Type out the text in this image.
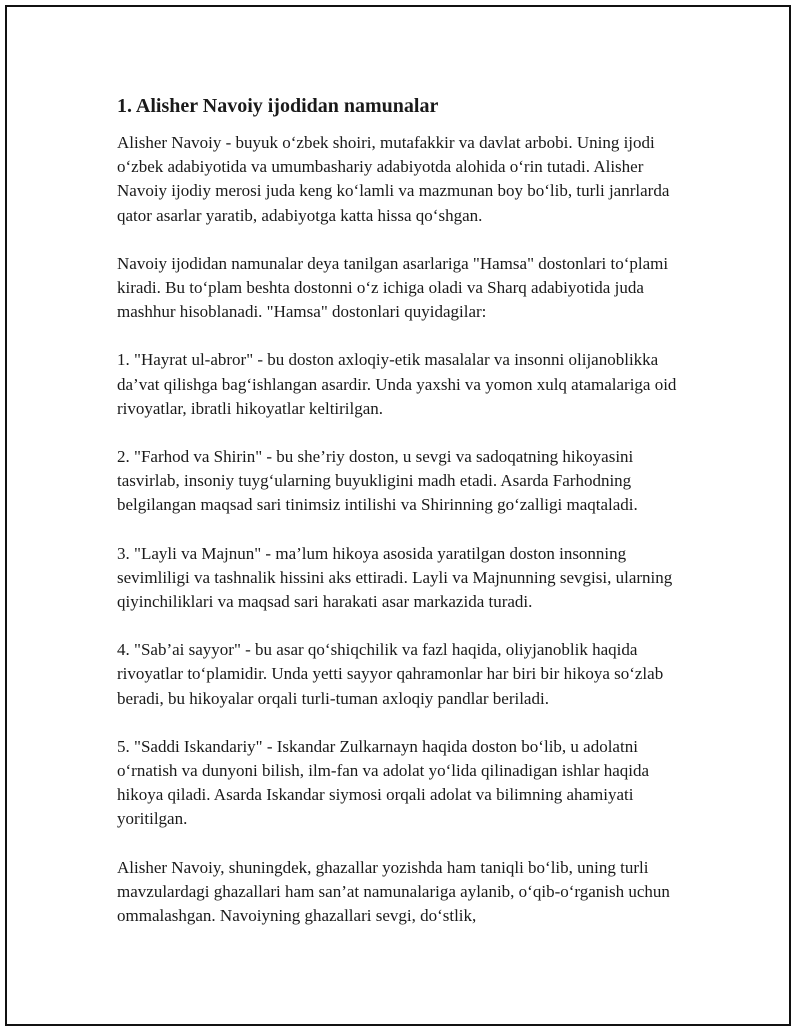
1. Alisher Navoiy ijodidan namunalar

Alisher Navoiy - buyuk o‘zbek shoiri, mutafakkir va davlat arbobi. Uning ijodi o‘zbek adabiyotida va umumbashariy adabiyotda alohida o‘rin tutadi. Alisher Navoiy ijodiy merosi juda keng ko‘lamli va mazmunan boy bo‘lib, turli janrlarda qator asarlar yaratib, adabiyotga katta hissa qo‘shgan.

Navoiy ijodidan namunalar deya tanilgan asarlariga "Hamsa" dostonlari to‘plami kiradi. Bu to‘plam beshta dostonni o‘z ichiga oladi va Sharq adabiyotida juda mashhur hisoblanadi. "Hamsa" dostonlari quyidagilar:

1. "Hayrat ul-abror" - bu doston axloqiy-etik masalalar va insonni olijanoblikka da’vat qilishga bag‘ishlangan asardir. Unda yaxshi va yomon xulq atamalariga oid rivoyatlar, ibratli hikoyatlar keltirilgan.

2. "Farhod va Shirin" - bu she’riy doston, u sevgi va sadoqatning hikoyasini tasvirlab, insoniy tuyg‘ularning buyukligini madh etadi. Asarda Farhodning belgilangan maqsad sari tinimsiz intilishi va Shirinning go‘zalligi maqtaladi.

3. "Layli va Majnun" - ma’lum hikoya asosida yaratilgan doston insonning sevimliligi va tashnalik hissini aks ettiradi. Layli va Majnunning sevgisi, ularning qiyinchiliklari va maqsad sari harakati asar markazida turadi.

4. "Sab’ai sayyor" - bu asar qo‘shiqchilik va fazl haqida, oliyjanoblik haqida rivoyatlar to‘plamidir. Unda yetti sayyor qahramonlar har biri bir hikoya so‘zlab beradi, bu hikoyalar orqali turli-tuman axloqiy pandlar beriladi.

5. "Saddi Iskandariy" - Iskandar Zulkarnayn haqida doston bo‘lib, u adolatni o‘rnatish va dunyoni bilish, ilm-fan va adolat yo‘lida qilinadigan ishlar haqida hikoya qiladi. Asarda Iskandar siymosi orqali adolat va bilimning ahamiyati yoritilgan.

Alisher Navoiy, shuningdek, ghazallar yozishda ham taniqli bo‘lib, uning turli mavzulardagi ghazallari ham san’at namunalariga aylanib, o‘qib-o‘rganish uchun ommalashgan. Navoiyning ghazallari sevgi, do‘stlik,
